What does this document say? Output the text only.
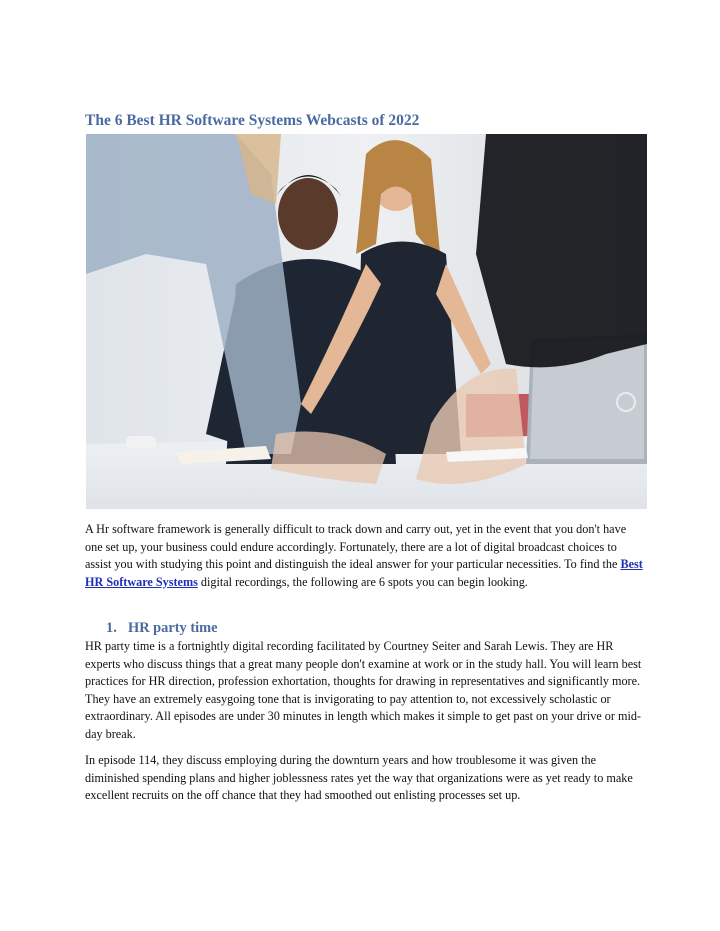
The 6 Best HR Software Systems Webcasts of 2022

A Hr software framework is generally difficult to track down and carry out, yet in the event that you don't have one set up, your business could endure accordingly. Fortunately, there are a lot of digital broadcast choices to assist you with studying this point and distinguish the ideal answer for your particular necessities. To find the Best HR Software Systems digital recordings, the following are 6 spots you can begin looking.

1. HR party time

HR party time is a fortnightly digital recording facilitated by Courtney Seiter and Sarah Lewis. They are HR experts who discuss things that a great many people don't examine at work or in the study hall. You will learn best practices for HR direction, profession exhortation, thoughts for drawing in representatives and significantly more. They have an extremely easygoing tone that is invigorating to pay attention to, not excessively scholastic or extraordinary. All episodes are under 30 minutes in length which makes it simple to get past on your drive or mid-day break.

In episode 114, they discuss employing during the downturn years and how troublesome it was given the diminished spending plans and higher joblessness rates yet the way that organizations were as yet ready to make excellent recruits on the off chance that they had smoothed out enlisting processes set up.
